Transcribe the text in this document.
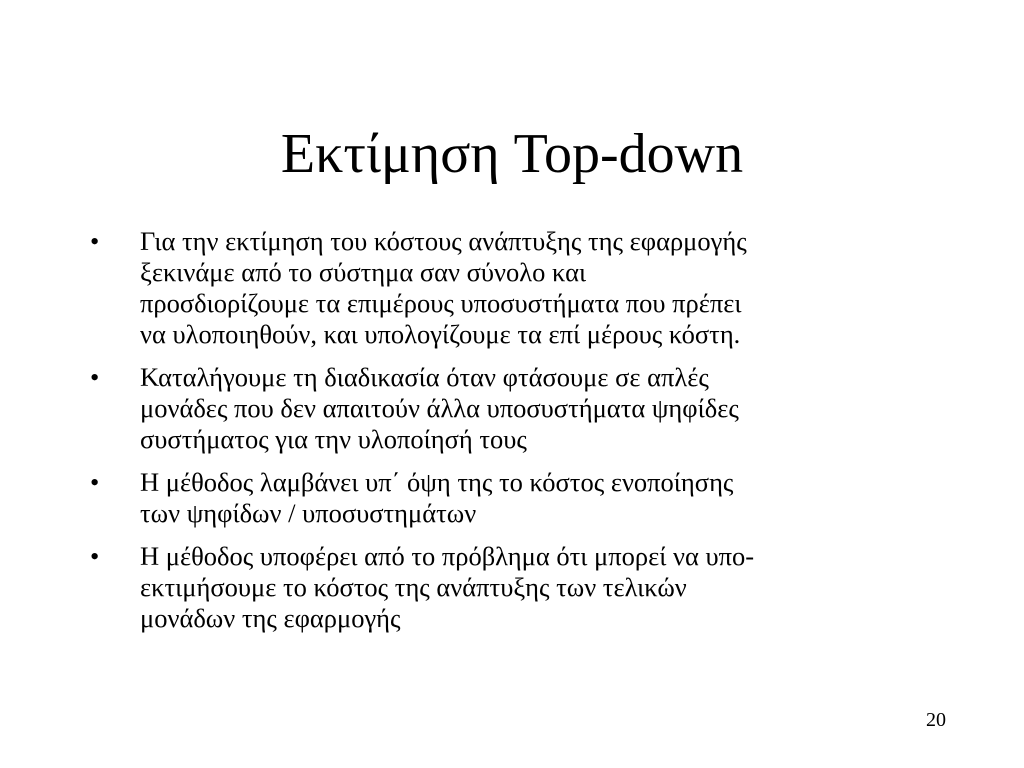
Εκτίμηση Top-down
•	Για την εκτίμηση του κόστους ανάπτυξης της εφαρμογής
ξεκινάμε από το σύστημα σαν σύνολο και
προσδιορίζουμε τα επιμέρους υποσυστήματα που πρέπει
να υλοποιηθούν, και υπολογίζουμε τα επί μέρους κόστη.
•	Καταλήγουμε τη διαδικασία όταν φτάσουμε σε απλές
μονάδες που δεν απαιτούν άλλα υποσυστήματα ψηφίδες
συστήματος για την υλοποίησή τους
•	Η μέθοδος λαμβάνει υπ΄ όψη της το κόστος ενοποίησης
των ψηφίδων / υποσυστημάτων
•	Η μέθοδος υποφέρει από το πρόβλημα ότι μπορεί να υπο-
εκτιμήσουμε το κόστος της ανάπτυξης των τελικών
μονάδων της εφαρμογής
20
